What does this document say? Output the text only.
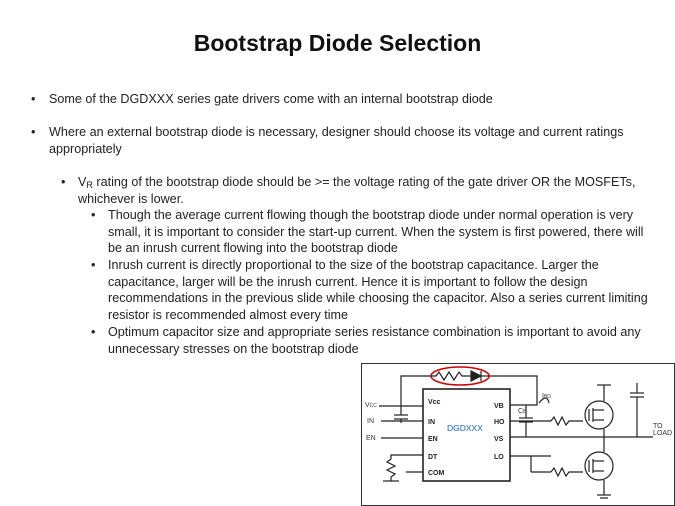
Bootstrap Diode Selection
• Some of the DGDXXX series gate drivers come with an internal bootstrap diode
• Where an external bootstrap diode is necessary, designer should choose its voltage and current ratings appropriately
• $V_R$ rating of the bootstrap diode should be >= the voltage rating of the gate driver OR the MOSFETs, whichever is lower.
• Though the average current flowing though the bootstrap diode under normal operation is very small, it is important to consider the start-up current. When the system is first powered, there will be an inrush current flowing into the bootstrap diode
• Inrush current is directly proportional to the size of the bootstrap capacitance. Larger the capacitance, larger will be the inrush current. Hence it is important to follow the design recommendations in the previous slide while choosing the capacitor. Also a series current limiting resistor is recommended almost every time
• Optimum capacitor size and appropriate series resistance combination is important to avoid any unnecessary stresses on the bootstrap diode
Vcc
IN
EN
DT
COM
VB
HO
VS
LO
DGDXXX
VCC
IN
EN
CB
IBD
TO
LOAD
